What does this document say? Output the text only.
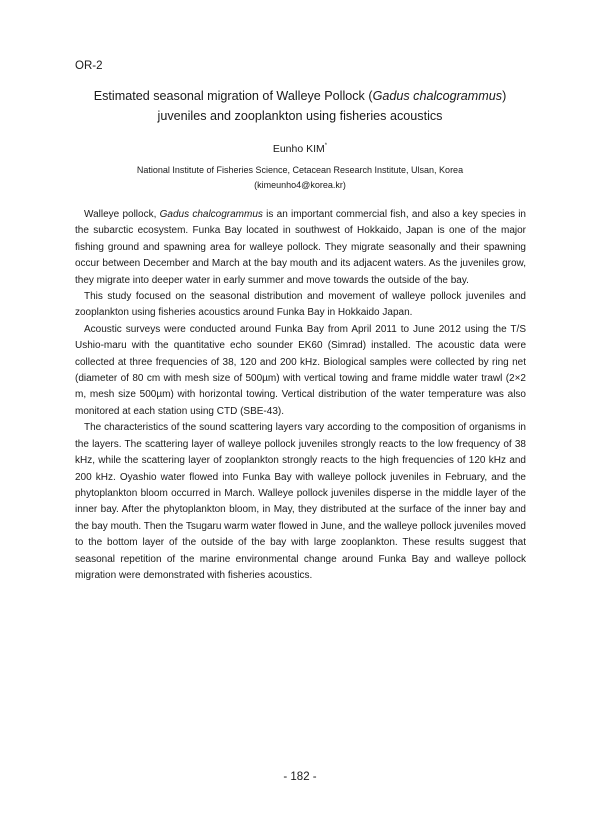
OR-2
Estimated seasonal migration of Walleye Pollock (Gadus chalcogrammus)
juveniles and zooplankton using fisheries acoustics
Eunho KIM*
National Institute of Fisheries Science, Cetacean Research Institute, Ulsan, Korea
(kimeunho4@korea.kr)

Walleye pollock, Gadus chalcogrammus is an important commercial fish, and also a key species in the subarctic ecosystem. Funka Bay located in southwest of Hokkaido, Japan is one of the major fishing ground and spawning area for walleye pollock. They migrate seasonally and their spawning occur between December and March at the bay mouth and its adjacent waters. As the juveniles grow, they migrate into deeper water in early summer and move towards the outside of the bay.

This study focused on the seasonal distribution and movement of walleye pollock juveniles and zooplankton using fisheries acoustics around Funka Bay in Hokkaido Japan.

Acoustic surveys were conducted around Funka Bay from April 2011 to June 2012 using the T/S Ushio-maru with the quantitative echo sounder EK60 (Simrad) installed. The acoustic data were collected at three frequencies of 38, 120 and 200 kHz. Biological samples were collected by ring net (diameter of 80 cm with mesh size of 500µm) with vertical towing and frame middle water trawl (2×2 m, mesh size 500µm) with horizontal towing. Vertical distribution of the water temperature was also monitored at each station using CTD (SBE-43).

The characteristics of the sound scattering layers vary according to the composition of organisms in the layers. The scattering layer of walleye pollock juveniles strongly reacts to the low frequency of 38 kHz, while the scattering layer of zooplankton strongly reacts to the high frequencies of 120 kHz and 200 kHz. Oyashio water flowed into Funka Bay with walleye pollock juveniles in February, and the phytoplankton bloom occurred in March. Walleye pollock juveniles disperse in the middle layer of the inner bay. After the phytoplankton bloom, in May, they distributed at the surface of the inner bay and the bay mouth. Then the Tsugaru warm water flowed in June, and the walleye pollock juveniles moved to the bottom layer of the outside of the bay with large zooplankton. These results suggest that seasonal repetition of the marine environmental change around Funka Bay and walleye pollock migration were demonstrated with fisheries acoustics.

- 182 -
